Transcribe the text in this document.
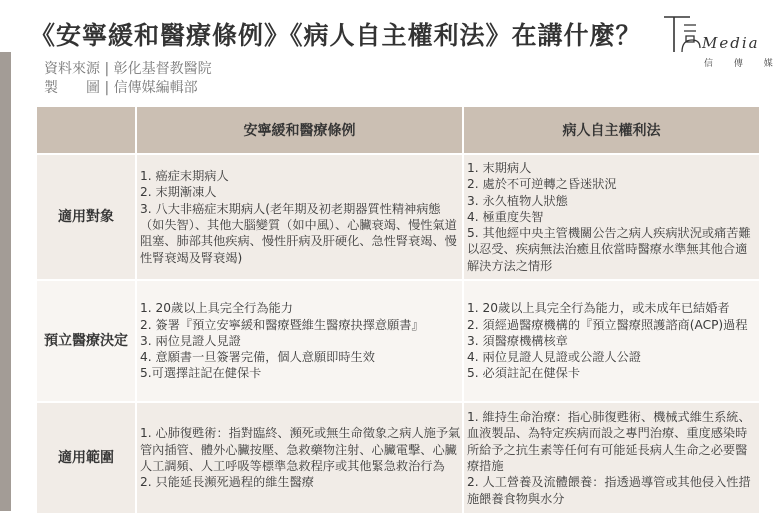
《安寧緩和醫療條例》《病人自主權利法》在講什麼？
資料來源 | 彰化基督教醫院
製　　圖 | 信傳媒編輯部
Media
信 傳 媒
	安寧緩和醫療條例	病人自主權利法
適用對象	1. 癌症末期病人
2. 末期漸凍人
3. 八大非癌症末期病人(老年期及初老期器質性精神病態（如失智）、其他大腦變質（如中風）、心臟衰竭、慢性氣道阻塞、肺部其他疾病、慢性肝病及肝硬化、急性腎衰竭、慢性腎衰竭及腎衰竭)	1. 末期病人
2. 處於不可逆轉之昏迷狀況
3. 永久植物人狀態
4. 極重度失智
5. 其他經中央主管機關公告之病人疾病狀況或痛苦難以忍受、疾病無法治癒且依當時醫療水準無其他合適解決方法之情形

預立醫療決定	1. 20歲以上具完全行為能力
2. 簽署『預立安寧緩和醫療暨維生醫療抉擇意願書』
3. 兩位見證人見證
4. 意願書一旦簽署完備，個人意願即時生效
5.可選擇註記在健保卡	1. 20歲以上具完全行為能力，或未成年已結婚者
2. 須經過醫療機構的『預立醫療照護諮商(ACP)過程
3. 須醫療機構核章
4. 兩位見證人見證或公證人公證
5. 必須註記在健保卡

適用範圍	1. 心肺復甦術：指對臨終、瀕死或無生命徵象之病人施予氣管內插管、體外心臟按壓、急救藥物注射、心臟電擊、心臟人工調頻、人工呼吸等標準急救程序或其他緊急救治行為
2. 只能延長瀕死過程的維生醫療	1. 維持生命治療：指心肺復甦術、機械式維生系統、血液製品、為特定疾病而設之專門治療、重度感染時所給予之抗生素等任何有可能延長病人生命之必要醫療措施
2. 人工營養及流體餵養：指透過導管或其他侵入性措施餵養食物與水分
